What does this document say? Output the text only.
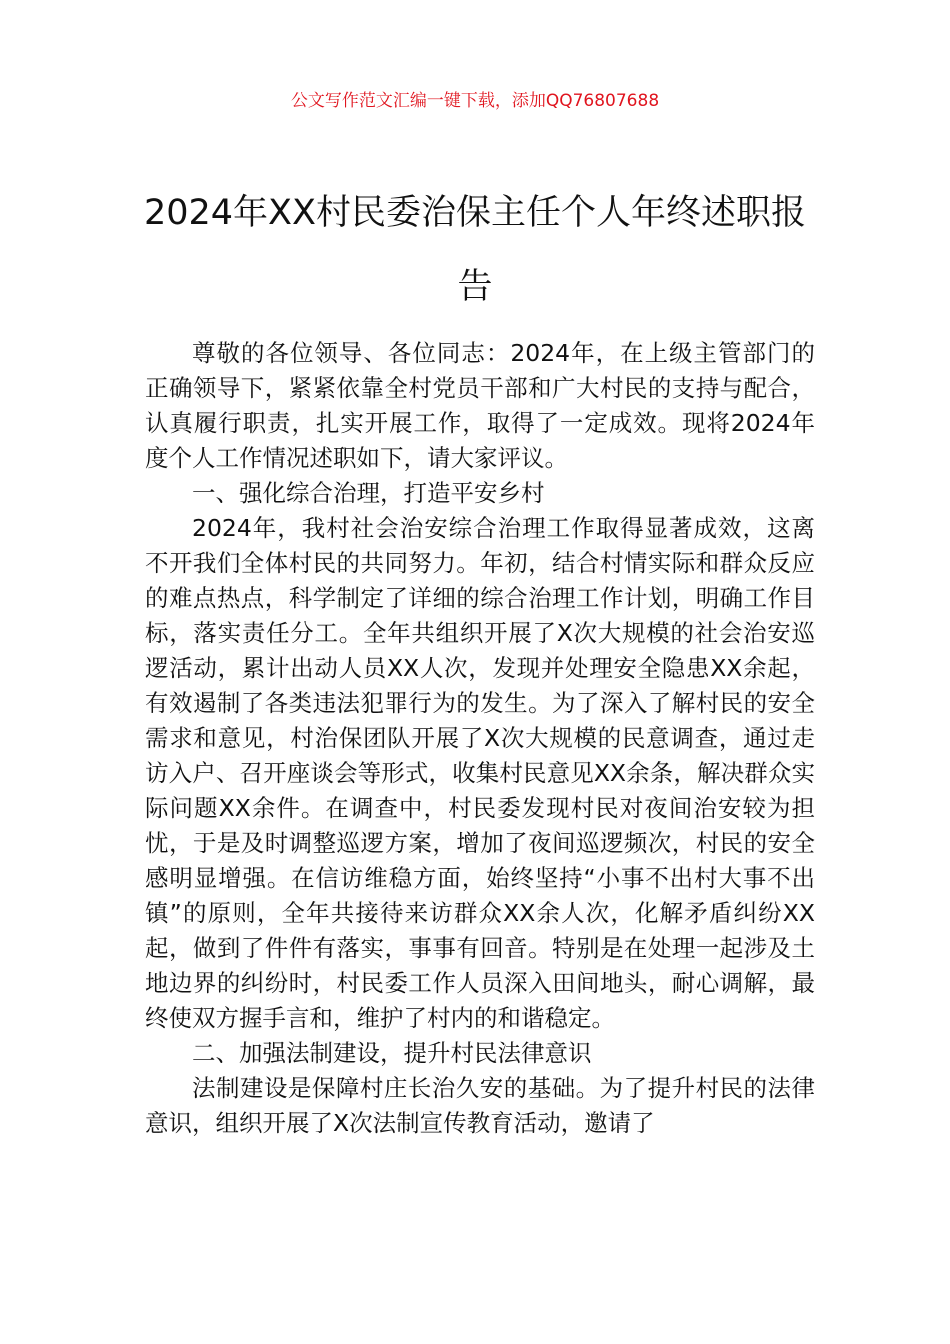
公文写作范文汇编一键下载，添加QQ76807688
2024年XX村民委治保主任个人年终述职报告

尊敬的各位领导、各位同志：2024年，在上级主管部门的正确领导下，紧紧依靠全村党员干部和广大村民的支持与配合，认真履行职责，扎实开展工作，取得了一定成效。现将2024年度个人工作情况述职如下，请大家评议。

一、强化综合治理，打造平安乡村

2024年，我村社会治安综合治理工作取得显著成效，这离不开我们全体村民的共同努力。年初，结合村情实际和群众反应的难点热点，科学制定了详细的综合治理工作计划，明确工作目标，落实责任分工。全年共组织开展了X次大规模的社会治安巡逻活动，累计出动人员XX人次，发现并处理安全隐患XX余起，有效遏制了各类违法犯罪行为的发生。为了深入了解村民的安全需求和意见，村治保团队开展了X次大规模的民意调查，通过走访入户、召开座谈会等形式，收集村民意见XX余条，解决群众实际问题XX余件。在调查中，村民委发现村民对夜间治安较为担忧，于是及时调整巡逻方案，增加了夜间巡逻频次，村民的安全感明显增强。在信访维稳方面，始终坚持“小事不出村大事不出镇”的原则，全年共接待来访群众XX余人次，化解矛盾纠纷XX起，做到了件件有落实，事事有回音。特别是在处理一起涉及土地边界的纠纷时，村民委工作人员深入田间地头，耐心调解，最终使双方握手言和，维护了村内的和谐稳定。

二、加强法制建设，提升村民法律意识

法制建设是保障村庄长治久安的基础。为了提升村民的法律意识，组织开展了X次法制宣传教育活动，邀请了
